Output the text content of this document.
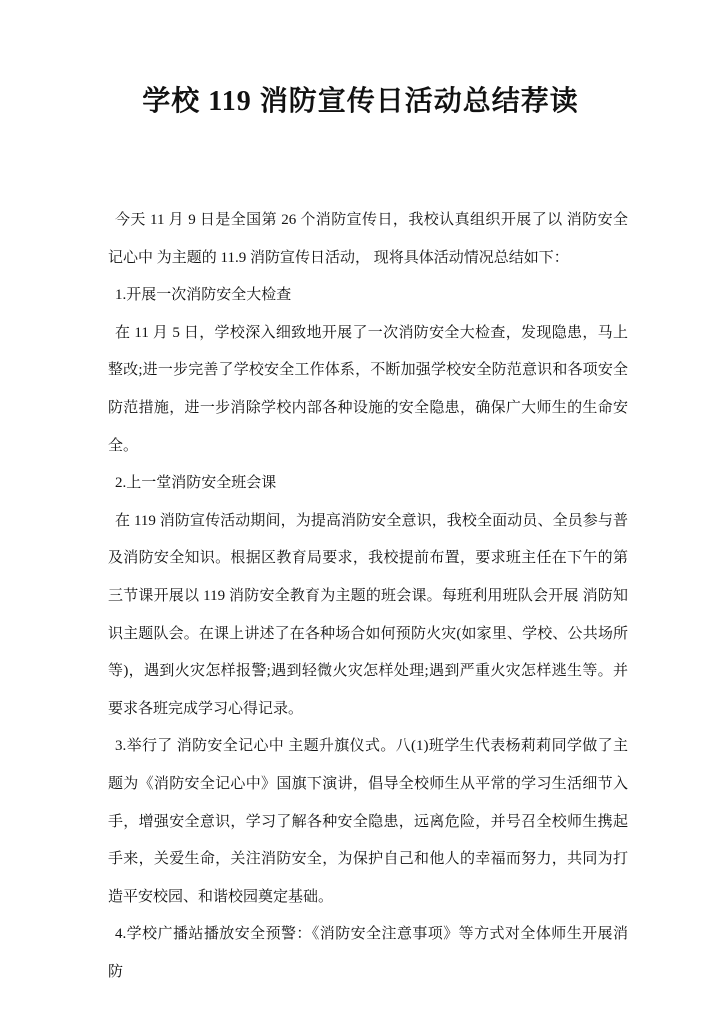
学校 119 消防宣传日活动总结荐读

今天 11 月 9 日是全国第 26 个消防宣传日，我校认真组织开展了以 消防安全记心中 为主题的 11.9 消防宣传日活动， 现将具体活动情况总结如下：

1.开展一次消防安全大检查

在 11 月 5 日，学校深入细致地开展了一次消防安全大检查，发现隐患，马上整改;进一步完善了学校安全工作体系，不断加强学校安全防范意识和各项安全防范措施，进一步消除学校内部各种设施的安全隐患，确保广大师生的生命安全。

2.上一堂消防安全班会课

在 119 消防宣传活动期间，为提高消防安全意识，我校全面动员、全员参与普及消防安全知识。根据区教育局要求，我校提前布置，要求班主任在下午的第三节课开展以 119 消防安全教育为主题的班会课。每班利用班队会开展 消防知识主题队会。在课上讲述了在各种场合如何预防火灾(如家里、学校、公共场所等)，遇到火灾怎样报警;遇到轻微火灾怎样处理;遇到严重火灾怎样逃生等。并要求各班完成学习心得记录。

3.举行了 消防安全记心中 主题升旗仪式。八(1)班学生代表杨莉莉同学做了主题为《消防安全记心中》国旗下演讲，倡导全校师生从平常的学习生活细节入手，增强安全意识，学习了解各种安全隐患，远离危险，并号召全校师生携起手来，关爱生命，关注消防安全，为保护自己和他人的幸福而努力，共同为打造平安校园、和谐校园奠定基础。

4.学校广播站播放安全预警：《消防安全注意事项》等方式对全体师生开展消防
